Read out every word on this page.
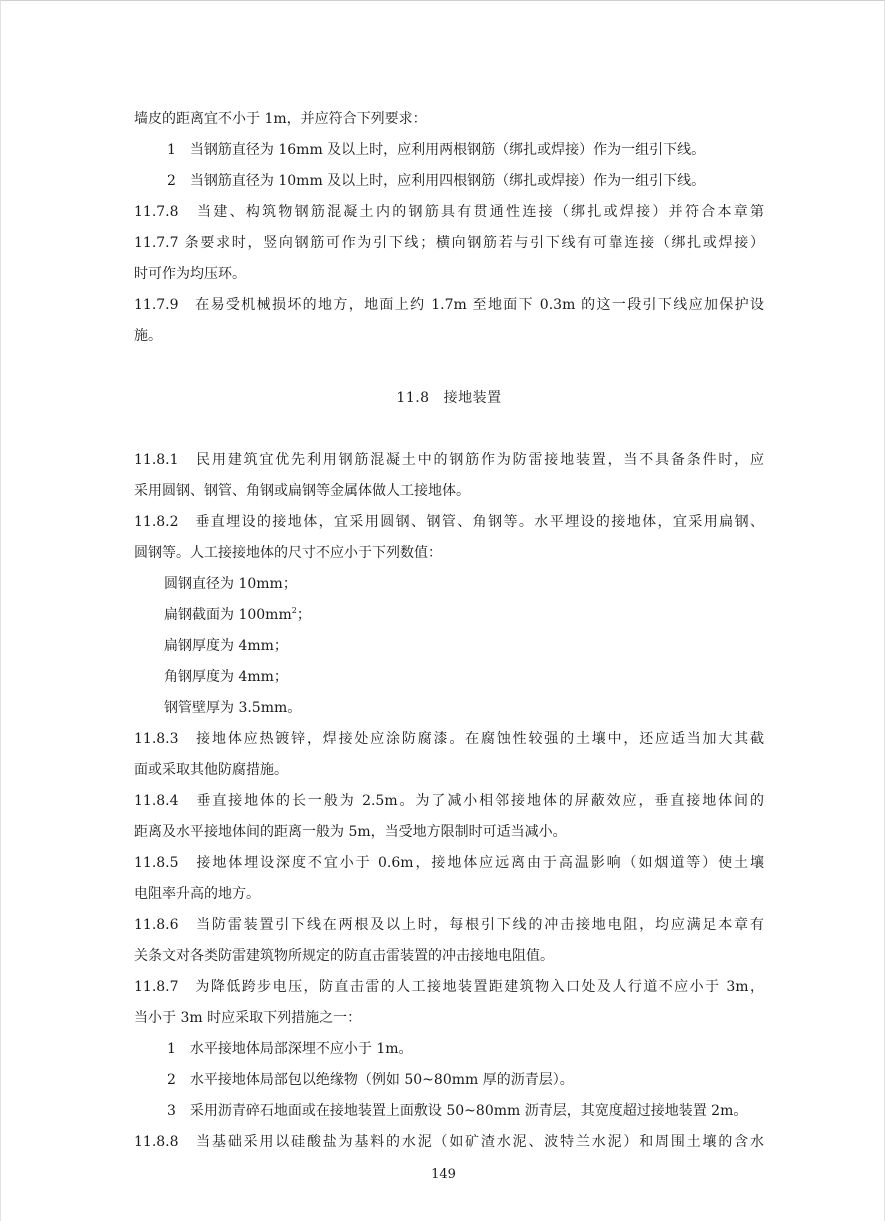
墙皮的距离宜不小于 1m，并应符合下列要求：
1 当钢筋直径为 16mm 及以上时，应利用两根钢筋（绑扎或焊接）作为一组引下线。
2 当钢筋直径为 10mm 及以上时，应利用四根钢筋（绑扎或焊接）作为一组引下线。
11.7.8　当建、构筑物钢筋混凝土内的钢筋具有贯通性连接（绑扎或焊接）并符合本章第
11.7.7 条要求时，竖向钢筋可作为引下线；横向钢筋若与引下线有可靠连接（绑扎或焊接）
时可作为均压环。
11.7.9　在易受机械损坏的地方，地面上约 1.7m 至地面下 0.3m 的这一段引下线应加保护设
施。
11.8 接地装置
11.8.1　民用建筑宜优先利用钢筋混凝土中的钢筋作为防雷接地装置，当不具备条件时，应
采用圆钢、钢管、角钢或扁钢等金属体做人工接地体。
11.8.2　垂直埋设的接地体，宜采用圆钢、钢管、角钢等。水平埋设的接地体，宜采用扁钢、
圆钢等。人工接接地体的尺寸不应小于下列数值：
圆钢直径为 10mm；
扁钢截面为 $100mm^2$；
扁钢厚度为 4mm；
角钢厚度为 4mm；
钢管壁厚为 3.5mm。
11.8.3　接地体应热镀锌，焊接处应涂防腐漆。在腐蚀性较强的土壤中，还应适当加大其截
面或采取其他防腐措施。
11.8.4　垂直接地体的长一般为 2.5m。为了减小相邻接地体的屏蔽效应，垂直接地体间的
距离及水平接地体间的距离一般为 5m，当受地方限制时可适当减小。
11.8.5　接地体埋设深度不宜小于 0.6m，接地体应远离由于高温影响（如烟道等）使土壤
电阻率升高的地方。
11.8.6　当防雷装置引下线在两根及以上时，每根引下线的冲击接地电阻，均应满足本章有
关条文对各类防雷建筑物所规定的防直击雷装置的冲击接地电阻值。
11.8.7　为降低跨步电压，防直击雷的人工接地装置距建筑物入口处及人行道不应小于 3m，
当小于 3m 时应采取下列措施之一：
1 水平接地体局部深埋不应小于 1m。
2 水平接地体局部包以绝缘物（例如 50~80mm 厚的沥青层）。
3 采用沥青碎石地面或在接地装置上面敷设 50~80mm 沥青层，其宽度超过接地装置 2m。
11.8.8　当基础采用以硅酸盐为基料的水泥（如矿渣水泥、波特兰水泥）和周围土壤的含水
149
